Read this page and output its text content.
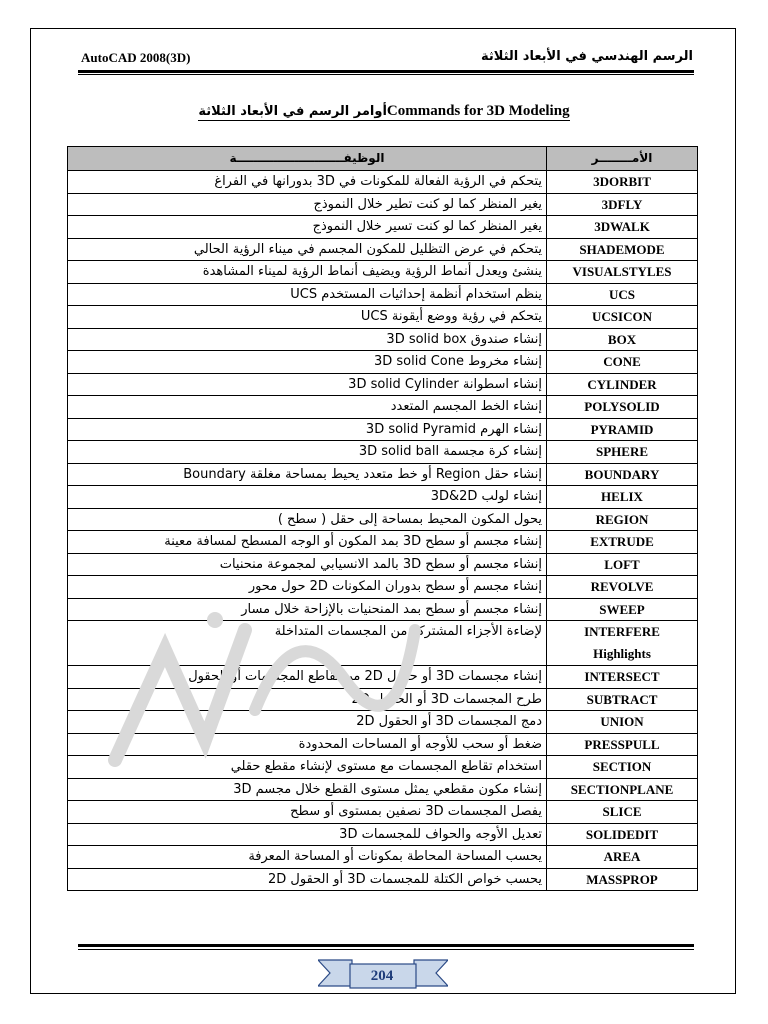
AutoCAD 2008(3D)	الرسم الهندسي في الأبعاد الثلاثة
أوامر الرسم في الأبعاد الثلاثةCommands for 3D Modeling
الوظيفــــــــــــــــــــــــــة	الأمــــــــر
يتحكم في الرؤية الفعالة للمكونات في 3D بدورانها في الفراغ	3DORBIT
يغير المنظر كما لو كنت تطير خلال النموذج	3DFLY
يغير المنظر كما لو كنت تسير خلال النموذج	3DWALK
يتحكم في عرض التظليل للمكون المجسم في ميناء الرؤية الحالي	SHADEMODE
ينشئ ويعدل أنماط الرؤية ويضيف أنماط الرؤية لميناء المشاهدة	VISUALSTYLES
ينظم استخدام أنظمة إحداثيات المستخدم UCS	UCS
يتحكم في رؤية ووضع أيقونة UCS	UCSICON
إنشاء صندوق 3D solid box	BOX
إنشاء مخروط 3D solid Cone	CONE
إنشاء اسطوانة 3D solid Cylinder	CYLINDER
إنشاء الخط المجسم المتعدد	POLYSOLID
إنشاء الهرم 3D solid Pyramid	PYRAMID
إنشاء كرة مجسمة 3D solid ball	SPHERE
إنشاء حقل Region أو خط متعدد يحيط بمساحة مغلقة Boundary	BOUNDARY
إنشاء لولب 3D&2D	HELIX
يحول المكون المحيط بمساحة إلى حقل ( سطح )	REGION
إنشاء مجسم أو سطح 3D بمد المكون أو الوجه المسطح لمسافة معينة	EXTRUDE
إنشاء مجسم أو سطح 3D بالمد الانسيابي لمجموعة منحنيات	LOFT
إنشاء مجسم أو سطح بدوران المكونات 2D حول محور	REVOLVE
إنشاء مجسم أو سطح بمد المنحنيات بالإزاحة خلال مسار	SWEEP
لإضاءة الأجزاء المشتركة من المجسمات المتداخلة	INTERFERE
Highlights

إنشاء مجسمات 3D أو حقول 2D من تقاطع المجسمات أو الحقول	INTERSECT
طرح المجسمات 3D أو الحقول 2D	SUBTRACT
دمج المجسمات 3D أو الحقول 2D	UNION
ضغط أو سحب للأوجه أو المساحات المحدودة	PRESSPULL
استخدام تقاطع المجسمات مع مستوى لإنشاء مقطع حقلي	SECTION
إنشاء مكون مقطعي يمثل مستوى القطع خلال مجسم 3D	SECTIONPLANE
يفصل المجسمات 3D نصفين بمستوى أو سطح	SLICE
تعديل الأوجه والحواف للمجسمات 3D	SOLIDEDIT
يحسب المساحة المحاطة بمكونات أو المساحة المعرفة	AREA
يحسب خواص الكتلة للمجسمات 3D أو الحقول 2D	MASSPROP
204
